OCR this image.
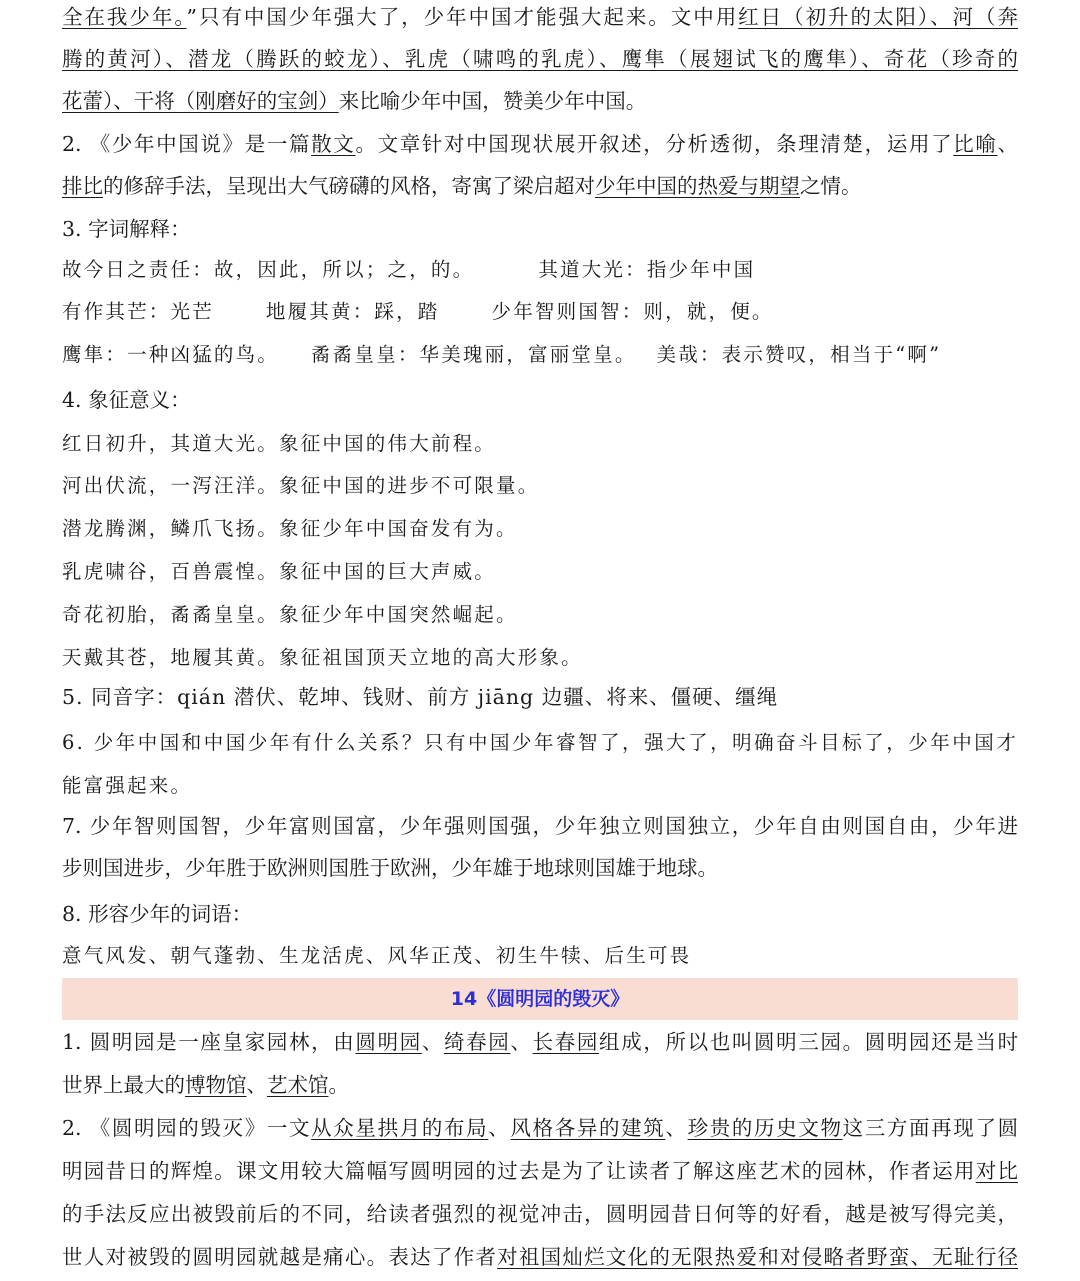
全在我少年。”只有中国少年强大了，少年中国才能强大起来。文中用红日（初升的太阳）、河（奔
腾的黄河）、潜龙（腾跃的蛟龙）、乳虎（啸鸣的乳虎）、鹰隼（展翅试飞的鹰隼）、奇花（珍奇的
花蕾）、干将（刚磨好的宝剑）来比喻少年中国，赞美少年中国。
2. 《少年中国说》是一篇散文。文章针对中国现状展开叙述，分析透彻，条理清楚，运用了比喻、
排比的修辞手法，呈现出大气磅礴的风格，寄寓了梁启超对少年中国的热爱与期望之情。
3. 字词解释：
故今日之责任：故，因此，所以；之，的。	其道大光：指少年中国
有作其芒：光芒	地履其黄：踩，踏	少年智则国智：则，就，便。
鹰隼：一种凶猛的鸟。 矞矞皇皇：华美瑰丽，富丽堂皇。 美哉：表示赞叹，相当于“啊”
4. 象征意义：
红日初升，其道大光。象征中国的伟大前程。
河出伏流，一泻汪洋。象征中国的进步不可限量。
潜龙腾渊，鳞爪飞扬。象征少年中国奋发有为。
乳虎啸谷，百兽震惶。象征中国的巨大声威。
奇花初胎，矞矞皇皇。象征少年中国突然崛起。
天戴其苍，地履其黄。象征祖国顶天立地的高大形象。
5. 同音字：qián 潜伏、乾坤、钱财、前方 jiāng 边疆、将来、僵硬、缰绳
6. 少年中国和中国少年有什么关系？只有中国少年睿智了，强大了，明确奋斗目标了，少年中国才
能富强起来。
7. 少年智则国智，少年富则国富，少年强则国强，少年独立则国独立，少年自由则国自由，少年进
步则国进步，少年胜于欧洲则国胜于欧洲，少年雄于地球则国雄于地球。
8. 形容少年的词语：
意气风发、朝气蓬勃、生龙活虎、风华正茂、初生牛犊、后生可畏
14《圆明园的毁灭》
1. 圆明园是一座皇家园林，由圆明园、绮春园、长春园组成，所以也叫圆明三园。圆明园还是当时
世界上最大的博物馆、艺术馆。
2. 《圆明园的毁灭》一文从众星拱月的布局、风格各异的建筑、珍贵的历史文物这三方面再现了圆
明园昔日的辉煌。课文用较大篇幅写圆明园的过去是为了让读者了解这座艺术的园林，作者运用对比
的手法反应出被毁前后的不同，给读者强烈的视觉冲击，圆明园昔日何等的好看，越是被写得完美，
世人对被毁的圆明园就越是痛心。表达了作者对祖国灿烂文化的无限热爱和对侵略者野蛮、无耻行径
